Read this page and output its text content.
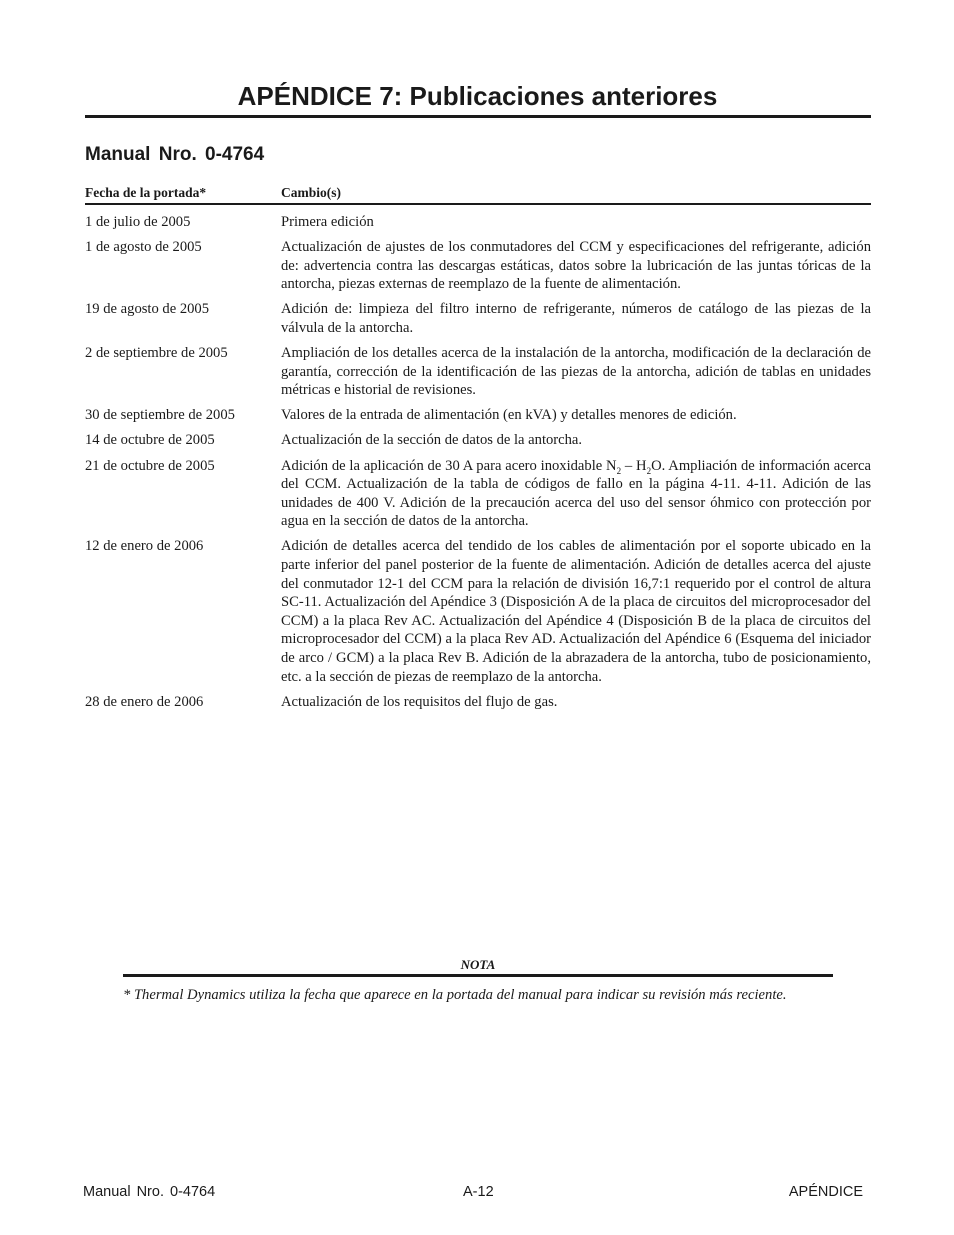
APÉNDICE 7: Publicaciones anteriores
Manual Nro. 0-4764
Fecha de la portada*	Cambio(s)
1 de julio de 2005	Primera edición
1 de agosto de 2005	Actualización de ajustes de los conmutadores del CCM y especificaciones del refrigerante, adición de: advertencia contra las descargas estáticas, datos sobre la lubricación de las juntas tóricas de la antorcha, piezas externas de reemplazo de la fuente de alimentación.
19 de agosto de 2005	Adición de: limpieza del filtro interno de refrigerante, números de catálogo de las piezas de la válvula de la antorcha.
2 de septiembre de 2005	Ampliación de los detalles acerca de la instalación de la antorcha, modificación de la declaración de garantía, corrección de la identificación de las piezas de la antorcha, adición de tablas en unidades métricas e historial de revisiones.
30 de septiembre de 2005	Valores de la entrada de alimentación (en kVA) y detalles menores de edición.
14 de octubre de 2005	Actualización de la sección de datos de la antorcha.
21 de octubre de 2005	Adición de la aplicación de 30 A para acero inoxidable $N_2 - H_2O$. Ampliación de información acerca del CCM. Actualización de la tabla de códigos de fallo en la página 4-11. 4-11. Adición de las unidades de 400 V. Adición de la precaución acerca del uso del sensor óhmico con protección por agua en la sección de datos de la antorcha.
12 de enero de 2006	Adición de detalles acerca del tendido de los cables de alimentación por el soporte ubicado en la parte inferior del panel posterior de la fuente de alimentación. Adición de detalles acerca del ajuste del conmutador 12-1 del CCM para la relación de división 16,7:1 requerido por el control de altura SC-11. Actualización del Apéndice 3 (Disposición A de la placa de circuitos del microprocesador del CCM) a la placa Rev AC. Actualización del Apéndice 4 (Disposición B de la placa de circuitos del microprocesador del CCM) a la placa Rev AD. Actualización del Apéndice 6 (Esquema del iniciador de arco / GCM) a la placa Rev B. Adición de la abrazadera de la antorcha, tubo de posicionamiento, etc. a la sección de piezas de reemplazo de la antorcha.
28 de enero de 2006	Actualización de los requisitos del flujo de gas.
NOTA
* Thermal Dynamics utiliza la fecha que aparece en la portada del manual para indicar su revisión más reciente.
Manual Nro. 0-4764	A-12	APÉNDICE
